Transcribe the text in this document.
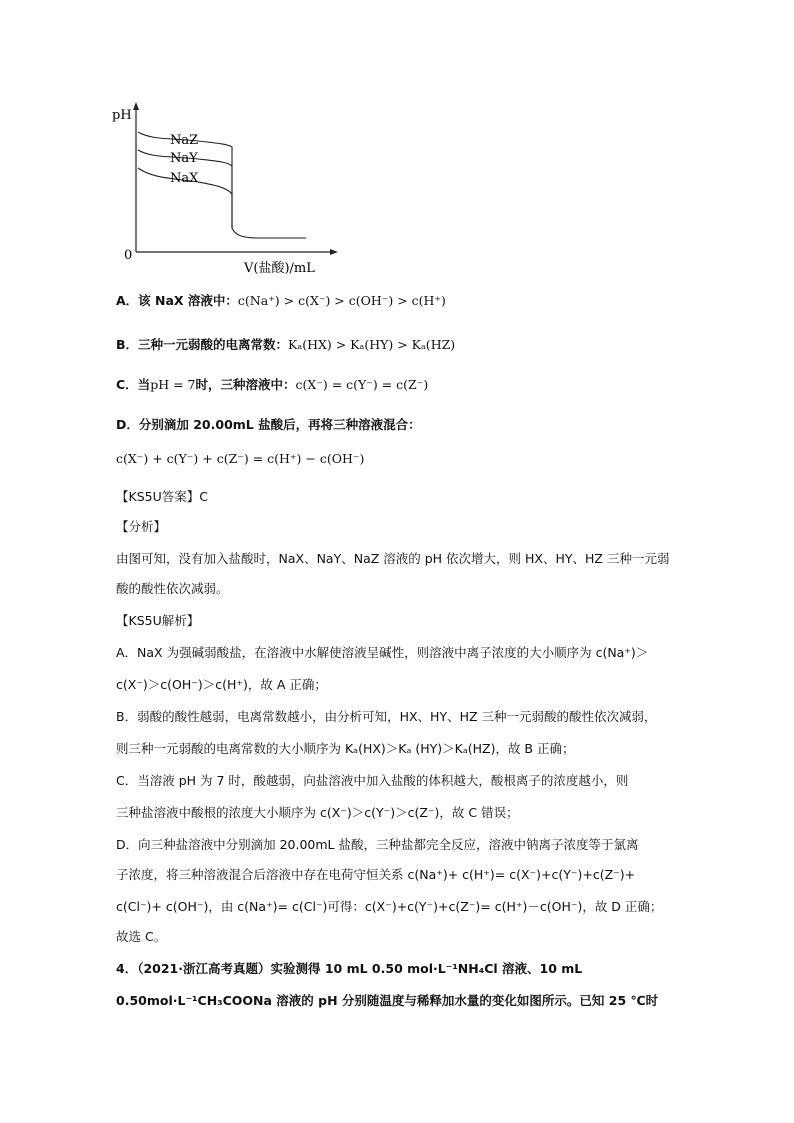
pH
0
V(盐酸)/mL
NaZ
NaY
NaX
A．该 NaX 溶液中：c(Na⁺) > c(X⁻) > c(OH⁻) > c(H⁺)
B．三种一元弱酸的电离常数：Kₐ(HX) > Kₐ(HY) > Kₐ(HZ)
C．当pH = 7时，三种溶液中：c(X⁻) = c(Y⁻) = c(Z⁻)
D．分别滴加 20.00mL 盐酸后，再将三种溶液混合：
c(X⁻) + c(Y⁻) + c(Z⁻) = c(H⁺) − c(OH⁻)
【KS5U答案】C
【分析】
由图可知，没有加入盐酸时，NaX、NaY、NaZ 溶液的 pH 依次增大，则 HX、HY、HZ 三种一元弱
酸的酸性依次减弱。
【KS5U解析】
A．NaX 为强碱弱酸盐，在溶液中水解使溶液呈碱性，则溶液中离子浓度的大小顺序为 c(Na⁺)＞
c(X⁻)＞c(OH⁻)＞c(H⁺)，故 A 正确；
B．弱酸的酸性越弱，电离常数越小，由分析可知，HX、HY、HZ 三种一元弱酸的酸性依次减弱，
则三种一元弱酸的电离常数的大小顺序为 Kₐ(HX)＞Kₐ (HY)＞Kₐ(HZ)，故 B 正确；
C．当溶液 pH 为 7 时，酸越弱，向盐溶液中加入盐酸的体积越大，酸根离子的浓度越小，则
三种盐溶液中酸根的浓度大小顺序为 c(X⁻)＞c(Y⁻)＞c(Z⁻)，故 C 错误；
D．向三种盐溶液中分别滴加 20.00mL 盐酸，三种盐都完全反应，溶液中钠离子浓度等于氯离
子浓度，将三种溶液混合后溶液中存在电荷守恒关系 c(Na⁺)+ c(H⁺)= c(X⁻)+c(Y⁻)+c(Z⁻)+
c(Cl⁻)+ c(OH⁻)，由 c(Na⁺)= c(Cl⁻)可得：c(X⁻)+c(Y⁻)+c(Z⁻)= c(H⁺)－c(OH⁻)，故 D 正确；
故选 C。
4．（2021·浙江高考真题）实验测得 10 mL 0.50 mol·L⁻¹NH₄Cl 溶液、10 mL
0.50mol·L⁻¹CH₃COONa 溶液的 pH 分别随温度与稀释加水量的变化如图所示。已知 25 ℃时
